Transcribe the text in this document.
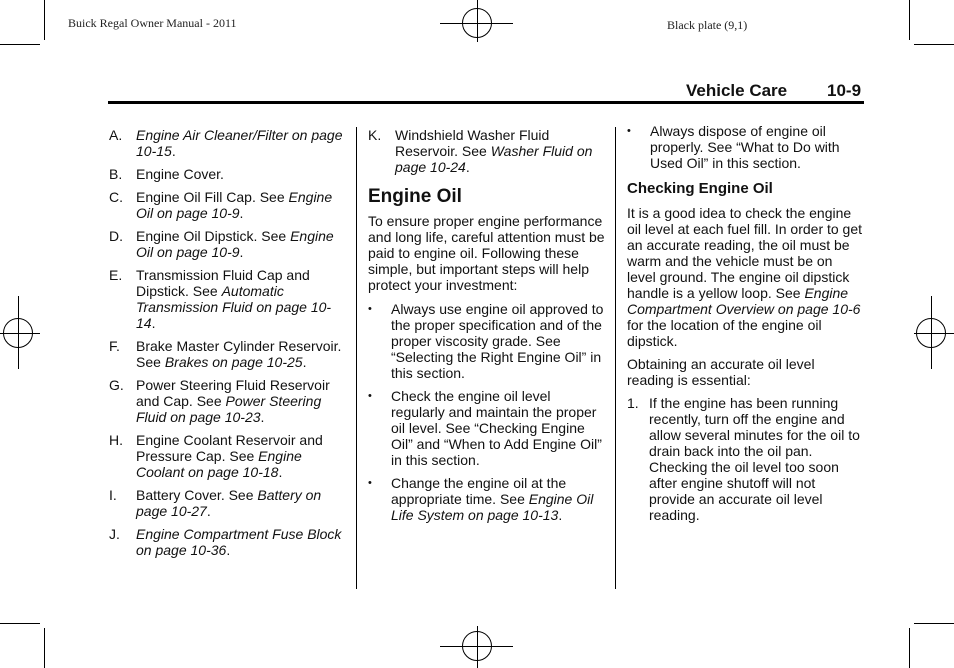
Buick Regal Owner Manual - 2011	Black plate (9,1)
Vehicle Care 10-9
A. Engine Air Cleaner/Filter on page 10-15.
B. Engine Cover.
C. Engine Oil Fill Cap. See Engine Oil on page 10-9.
D. Engine Oil Dipstick. See Engine Oil on page 10-9.
E. Transmission Fluid Cap and Dipstick. See Automatic Transmission Fluid on page 10-14.
F.	Brake Master Cylinder Reservoir. See Brakes on page 10-25.
G. Power Steering Fluid Reservoir and Cap. See Power Steering Fluid on page 10-23.
H. Engine Coolant Reservoir and Pressure Cap. See Engine Coolant on page 10-18.
I.	Battery Cover. See Battery on page 10-27.
J.	Engine Compartment Fuse Block on page 10-36.
K. Windshield Washer Fluid Reservoir. See Washer Fluid on page 10-24.
Engine Oil

To ensure proper engine performance and long life, careful attention must be paid to engine oil. Following these simple, but important steps will help protect your investment:

•	Always use engine oil approved to the proper specification and of the proper viscosity grade. See “Selecting the Right Engine Oil” in this section.
•	Check the engine oil level regularly and maintain the proper oil level. See “Checking Engine Oil” and “When to Add Engine Oil” in this section.
•	Change the engine oil at the appropriate time. See Engine Oil Life System on page 10-13.
•	Always dispose of engine oil properly. See “What to Do with Used Oil” in this section.
Checking Engine Oil

It is a good idea to check the engine oil level at each fuel fill. In order to get an accurate reading, the oil must be warm and the vehicle must be on level ground. The engine oil dipstick handle is a yellow loop. See Engine Compartment Overview on page 10-6 for the location of the engine oil dipstick.

Obtaining an accurate oil level reading is essential:

1. If the engine has been running recently, turn off the engine and allow several minutes for the oil to drain back into the oil pan. Checking the oil level too soon after engine shutoff will not provide an accurate oil level reading.
